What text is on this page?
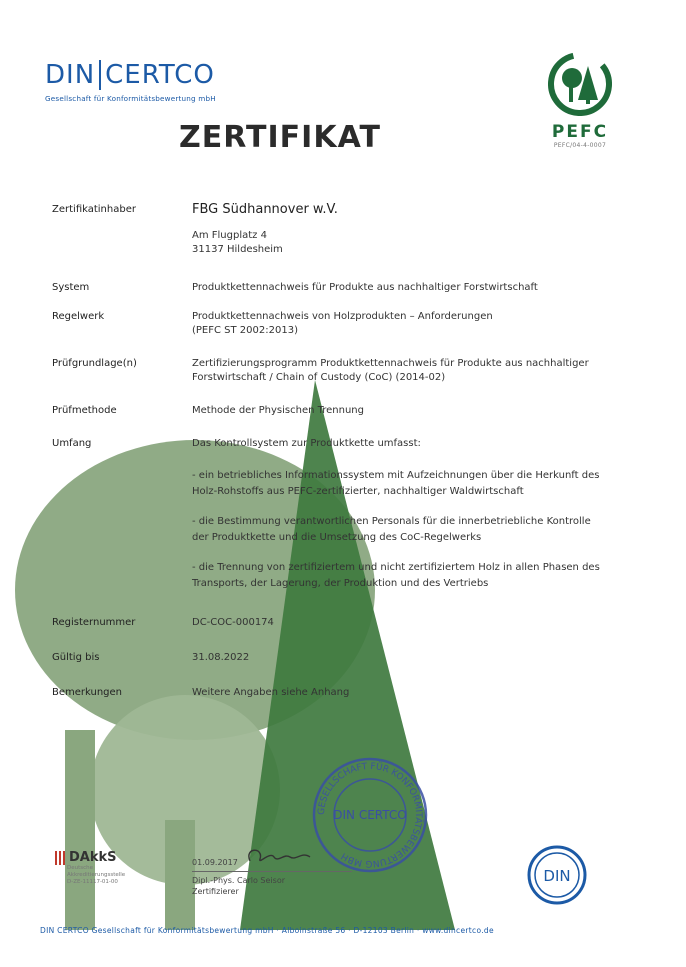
DIN CERTCO
Gesellschaft für Konformitätsbewertung mbH
PEFC
PEFC/04-4-0007
ZERTIFIKAT
Zertifikatinhaber	FBG Südhannover w.V.
Am Flugplatz 4
31137 Hildesheim
System	Produktkettennachweis für Produkte aus nachhaltiger Forstwirtschaft
Regelwerk	Produktkettennachweis von Holzprodukten – Anforderungen
(PEFC ST 2002:2013)
Prüfgrundlage(n)	Zertifizierungsprogramm Produktkettennachweis für Produkte aus nachhaltiger
Forstwirtschaft / Chain of Custody (CoC) (2014-02)
Prüfmethode	Methode der Physischen Trennung
Umfang	Das Kontrollsystem zur Produktkette umfasst:
- ein betriebliches Informationssystem mit Aufzeichnungen über die Herkunft des
Holz-Rohstoffs aus PEFC-zertifizierter, nachhaltiger Waldwirtschaft
- die Bestimmung verantwortlichen Personals für die innerbetriebliche Kontrolle
der Produktkette und die Umsetzung des CoC-Regelwerks
- die Trennung von zertifiziertem und nicht zertifiziertem Holz in allen Phasen des
Transports, der Lagerung, der Produktion und des Vertriebs
Registernummer	DC-COC-000174
Gültig bis	31.08.2022
Bemerkungen	Weitere Angaben siehe Anhang
GESELLSCHAFT FÜR KONFORMITÄTSBEWERTUNG MBH
DIN CERTCO
DAkkS
Deutsche
Akkreditierungsstelle
D-ZE-11117-01-00
01.09.2017
Dipl.-Phys. Carlo Seisor
Zertifizierer
DIN
DIN CERTCO Gesellschaft für Konformitätsbewertung mbH · Alboinstraße 56 · D-12103 Berlin · www.dincertco.de
